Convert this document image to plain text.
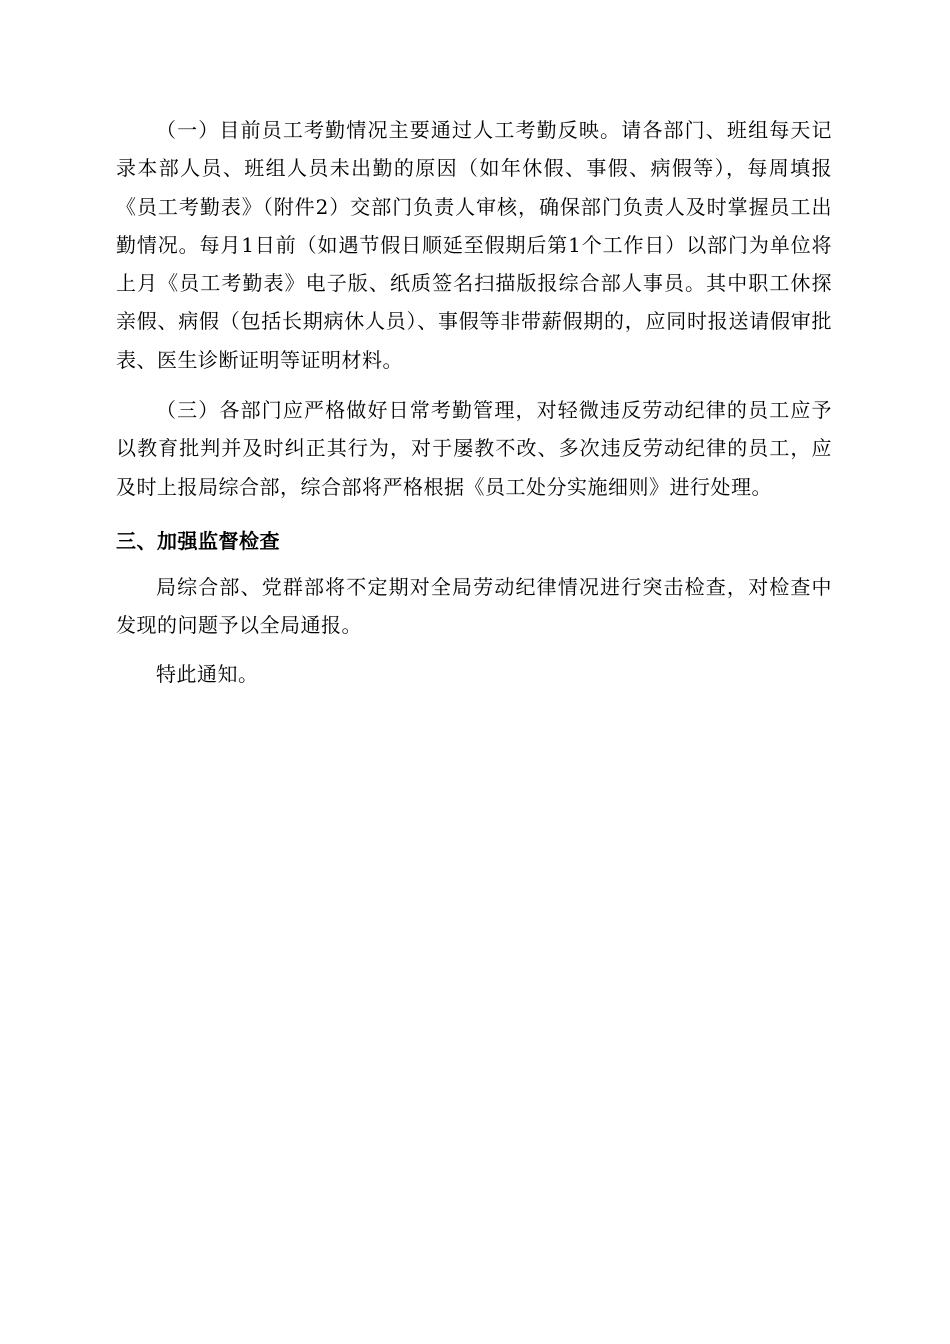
（一）目前员工考勤情况主要通过人工考勤反映。请各部门、班组每天记录本部人员、班组人员未出勤的原因（如年休假、事假、病假等），每周填报《员工考勤表》（附件2）交部门负责人审核，确保部门负责人及时掌握员工出勤情况。每月1日前（如遇节假日顺延至假期后第1个工作日）以部门为单位将上月《员工考勤表》电子版、纸质签名扫描版报综合部人事员。其中职工休探亲假、病假（包括长期病休人员）、事假等非带薪假期的，应同时报送请假审批表、医生诊断证明等证明材料。

（三）各部门应严格做好日常考勤管理，对轻微违反劳动纪律的员工应予以教育批判并及时纠正其行为，对于屡教不改、多次违反劳动纪律的员工，应及时上报局综合部，综合部将严格根据《员工处分实施细则》进行处理。

三、加强监督检查

局综合部、党群部将不定期对全局劳动纪律情况进行突击检查，对检查中发现的问题予以全局通报。

特此通知。
